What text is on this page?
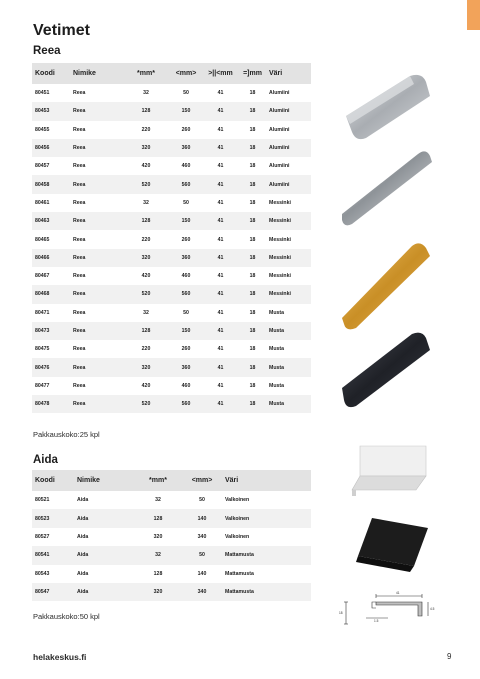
Vetimet
Reea
Koodi	Nimike	*mm*	<mm>	>||<mm	=]mm	Väri
80451	Reea	32	50	41	18	Alumiini
80453	Reea	128	150	41	18	Alumiini
80455	Reea	220	260	41	18	Alumiini
80456	Reea	320	360	41	18	Alumiini
80457	Reea	420	460	41	18	Alumiini
80458	Reea	520	560	41	18	Alumiini
80461	Reea	32	50	41	18	Messinki
80463	Reea	128	150	41	18	Messinki
80465	Reea	220	260	41	18	Messinki
80466	Reea	320	360	41	18	Messinki
80467	Reea	420	460	41	18	Messinki
80468	Reea	520	560	41	18	Messinki
80471	Reea	32	50	41	18	Musta
80473	Reea	128	150	41	18	Musta
80475	Reea	220	260	41	18	Musta
80476	Reea	320	360	41	18	Musta
80477	Reea	420	460	41	18	Musta
80478	Reea	520	560	41	18	Musta
Pakkauskoko:25 kpl
Aida
Koodi	Nimike	*mm*	<mm>	Väri
80521	Aida	32	50	Valkoinen
80523	Aida	128	140	Valkoinen
80527	Aida	320	340	Valkoinen
80541	Aida	32	50	Mattamusta
80543	Aida	128	140	Mattamusta
80547	Aida	320	340	Mattamusta
Pakkauskoko:50 kpl
41
4.5
18
1.5
helakeskus.fi	9
